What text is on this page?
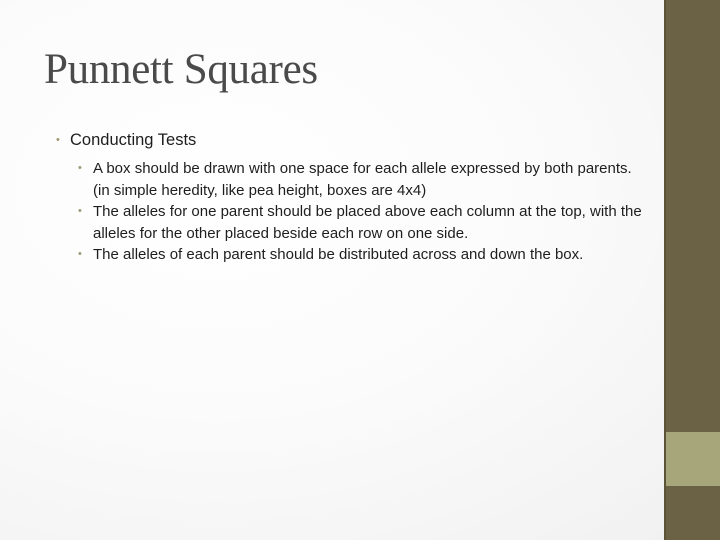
Punnett Squares
• Conducting Tests
• A box should be drawn with one space for each allele expressed by both parents. (in simple heredity, like pea height, boxes are 4x4)
• The alleles for one parent should be placed above each column at the top, with the alleles for the other placed beside each row on one side.
• The alleles of each parent should be distributed across and down the box.
